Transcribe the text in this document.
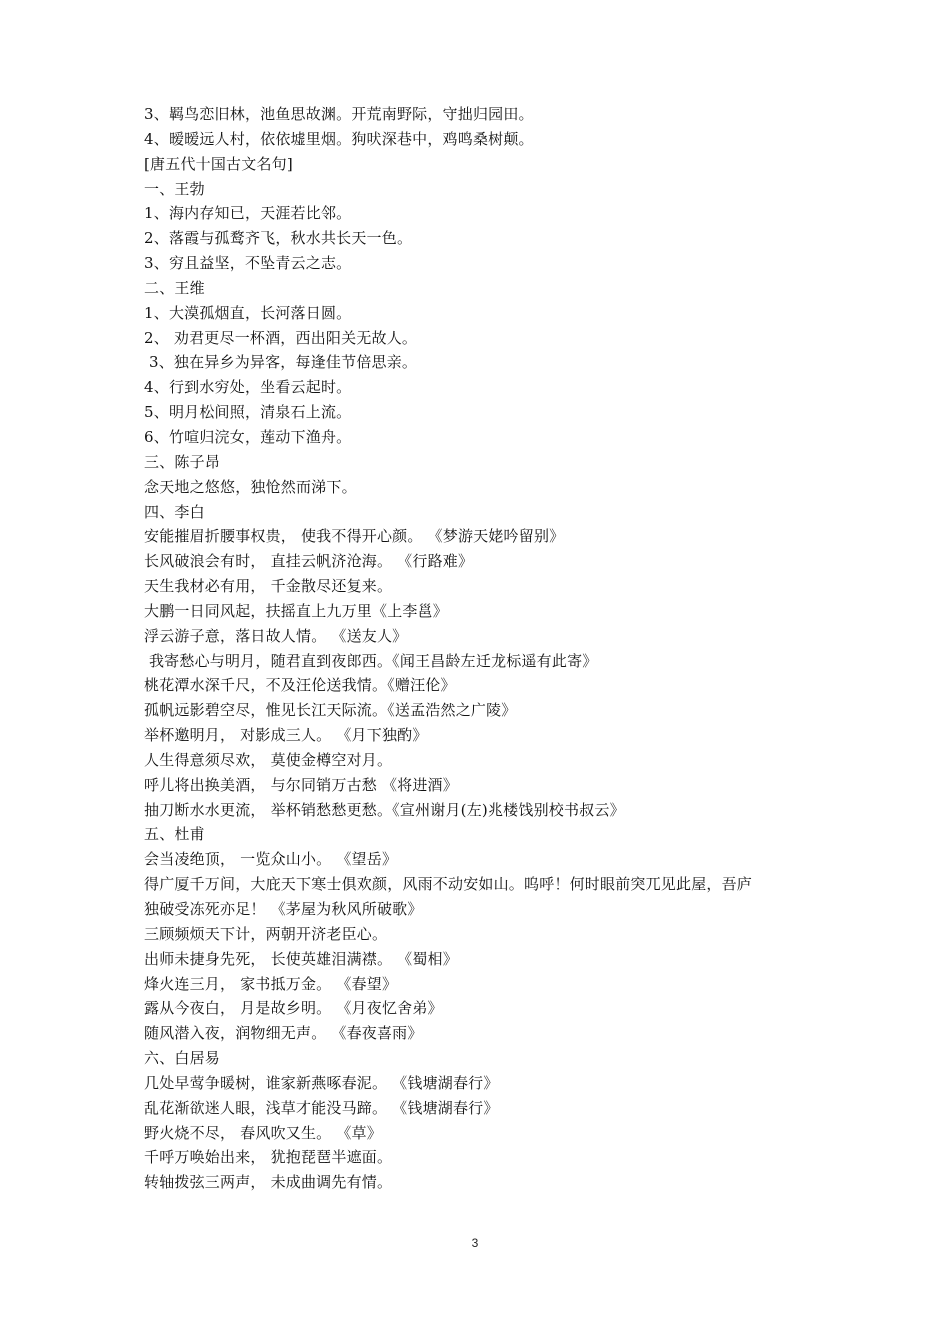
3、羁鸟恋旧林，池鱼思故渊。开荒南野际，守拙归园田。
4、暧暧远人村，依依墟里烟。狗吠深巷中，鸡鸣桑树颠。
[唐五代十国古文名句]
一、王勃
1、海内存知已，天涯若比邻。
2、落霞与孤鹜齐飞，秋水共长天一色。
3、穷且益坚，不坠青云之志。
二、王维
1、大漠孤烟直，长河落日圆。
2、 劝君更尽一杯酒，西出阳关无故人。
3、独在异乡为异客，每逢佳节倍思亲。
4、行到水穷处，坐看云起时。
5、明月松间照，清泉石上流。
6、竹喧归浣女，莲动下渔舟。
三、陈子昂
念天地之悠悠，独怆然而涕下。
四、李白
安能摧眉折腰事权贵， 使我不得开心颜。 《梦游天姥吟留别》
长风破浪会有时， 直挂云帆济沧海。 《行路难》
天生我材必有用， 千金散尽还复来。
大鹏一日同风起，扶摇直上九万里《上李邕》
浮云游子意，落日故人情。 《送友人》
我寄愁心与明月，随君直到夜郎西。《闻王昌龄左迁龙标遥有此寄》
桃花潭水深千尺，不及汪伦送我情。《赠汪伦》
孤帆远影碧空尽，惟见长江天际流。《送孟浩然之广陵》
举杯邀明月， 对影成三人。 《月下独酌》
人生得意须尽欢， 莫使金樽空对月。
呼儿将出换美酒， 与尔同销万古愁 《将进酒》
抽刀断水水更流， 举杯销愁愁更愁。《宣州谢月(左)兆楼饯别校书叔云》
五、杜甫
会当凌绝顶， 一览众山小。 《望岳》
得广厦千万间，大庇天下寒士俱欢颜，风雨不动安如山。呜呼！何时眼前突兀见此屋，吾庐
独破受冻死亦足！ 《茅屋为秋风所破歌》
三顾频烦天下计，两朝开济老臣心。
出师未捷身先死， 长使英雄泪满襟。 《蜀相》
烽火连三月， 家书抵万金。 《春望》
露从今夜白， 月是故乡明。 《月夜忆舍弟》
随风潜入夜，润物细无声。 《春夜喜雨》
六、白居易
几处早莺争暖树，谁家新燕啄春泥。 《钱塘湖春行》
乱花渐欲迷人眼，浅草才能没马蹄。 《钱塘湖春行》
野火烧不尽， 春风吹又生。 《草》
千呼万唤始出来， 犹抱琵琶半遮面。
转轴拨弦三两声， 未成曲调先有情。
3
